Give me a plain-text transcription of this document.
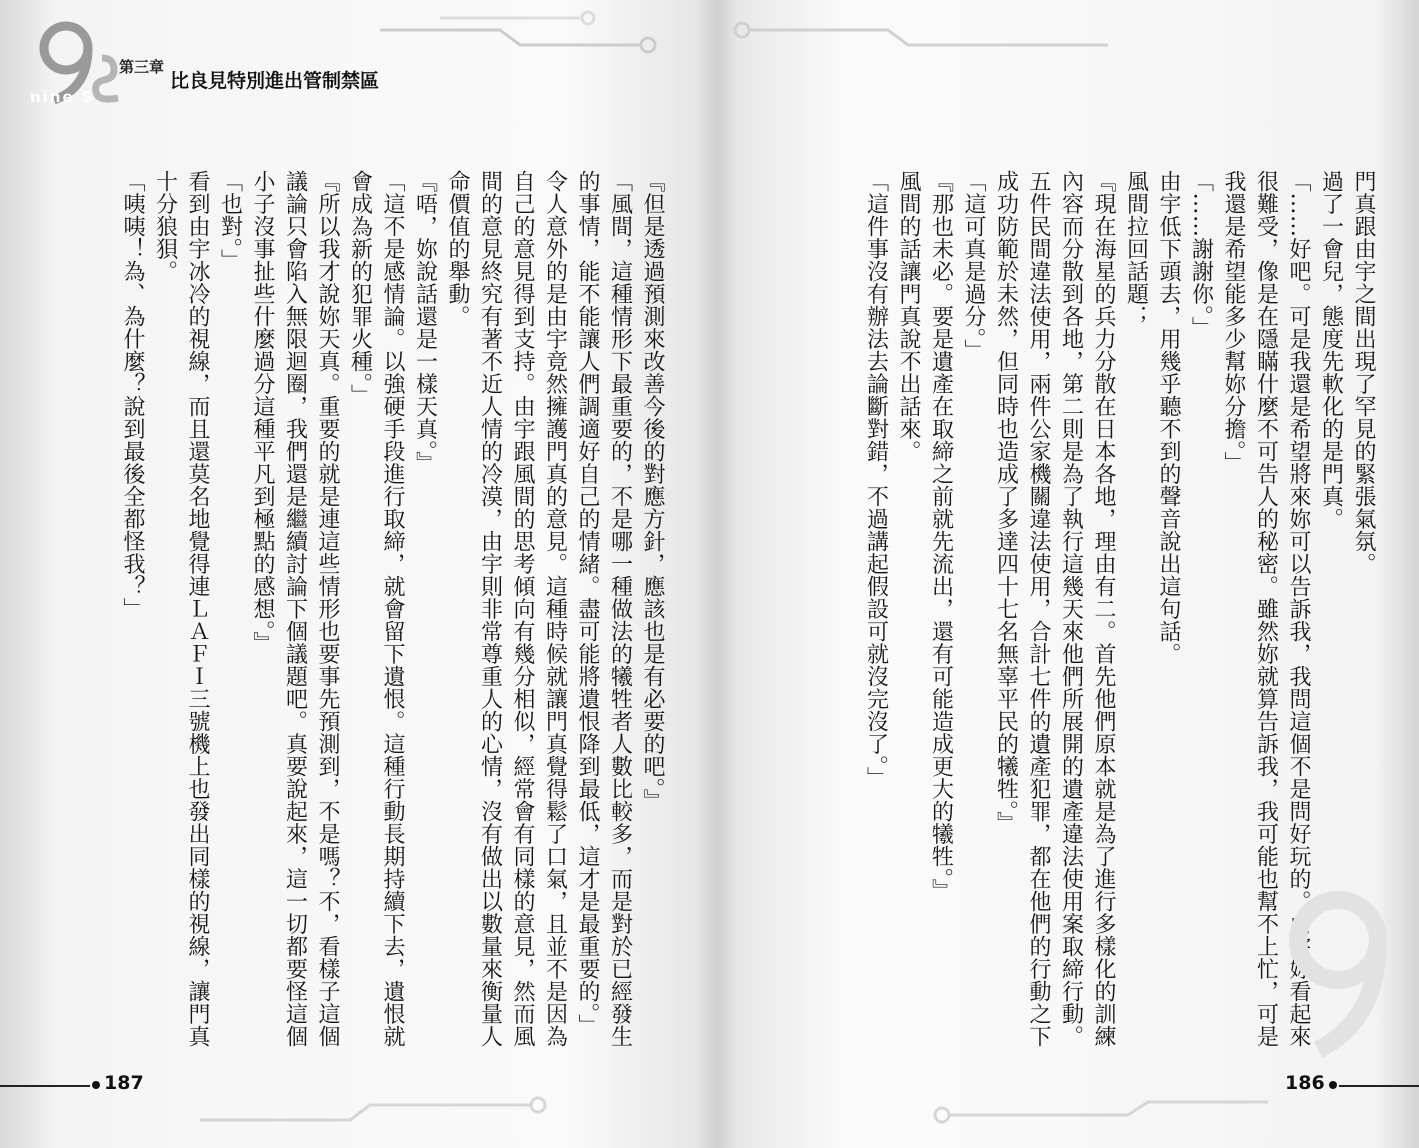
nine S
第三章
比良見特別進出管制禁區

『但是透過預測來改善今後的對應方針，應該也是有必要的吧。』

「風間，這種情形下最重要的，不是哪一種做法的犧牲者人數比較多，而是對於已經發生的事情，能不能讓人們調適好自己的情緒。盡可能將遺恨降到最低，這才是最重要的。」

令人意外的是由宇竟然擁護門真的意見。這種時候就讓門真覺得鬆了口氣，且並不是因為自己的意見得到支持。由宇跟風間的思考傾向有幾分相似，經常會有同樣的意見，然而風間的意見終究有著不近人情的冷漠，由宇則非常尊重人的心情，沒有做出以數量來衡量人命價值的舉動。

『唔，妳說話還是一樣天真。』

「這不是感情論。以強硬手段進行取締，就會留下遺恨。這種行動長期持續下去，遺恨就會成為新的犯罪火種。」

『所以我才說妳天真。重要的就是連這些情形也要事先預測到，不是嗎？不，看樣子這個議論只會陷入無限迴圈，我們還是繼續討論下個議題吧。真要說起來，這一切都要怪這個小子沒事扯些什麼過分這種平凡到極點的感想。』

「也對。」

看到由宇冰冷的視線，而且還莫名地覺得連ＬＡＦＩ三號機上也發出同樣的視線，讓門真十分狼狽。

「咦咦！為、為什麼？說到最後全都怪我？」

187

門真跟由宇之間出現了罕見的緊張氣氛。

過了一會兒，態度先軟化的是門真。

「……好吧。可是我還是希望將來妳可以告訴我，我問這個不是問好玩的。由宇妳看起來很難受，像是在隱瞞什麼不可告人的秘密。雖然妳就算告訴我，我可能也幫不上忙，可是我還是希望能多少幫妳分擔。」

「……謝謝你。」

由宇低下頭去，用幾乎聽不到的聲音說出這句話。

風間拉回話題；

『現在海星的兵力分散在日本各地，理由有二。首先他們原本就是為了進行多樣化的訓練內容而分散到各地，第二則是為了執行這幾天來他們所展開的遺產違法使用案取締行動。五件民間違法使用，兩件公家機關違法使用，合計七件的遺產犯罪，都在他們的行動之下成功防範於未然，但同時也造成了多達四十七名無辜平民的犧牲。』

「這可真是過分。」

『那也未必。要是遺產在取締之前就先流出，還有可能造成更大的犧牲。』

風間的話讓門真說不出話來。

「這件事沒有辦法去論斷對錯，不過講起假設可就沒完沒了。」

186
